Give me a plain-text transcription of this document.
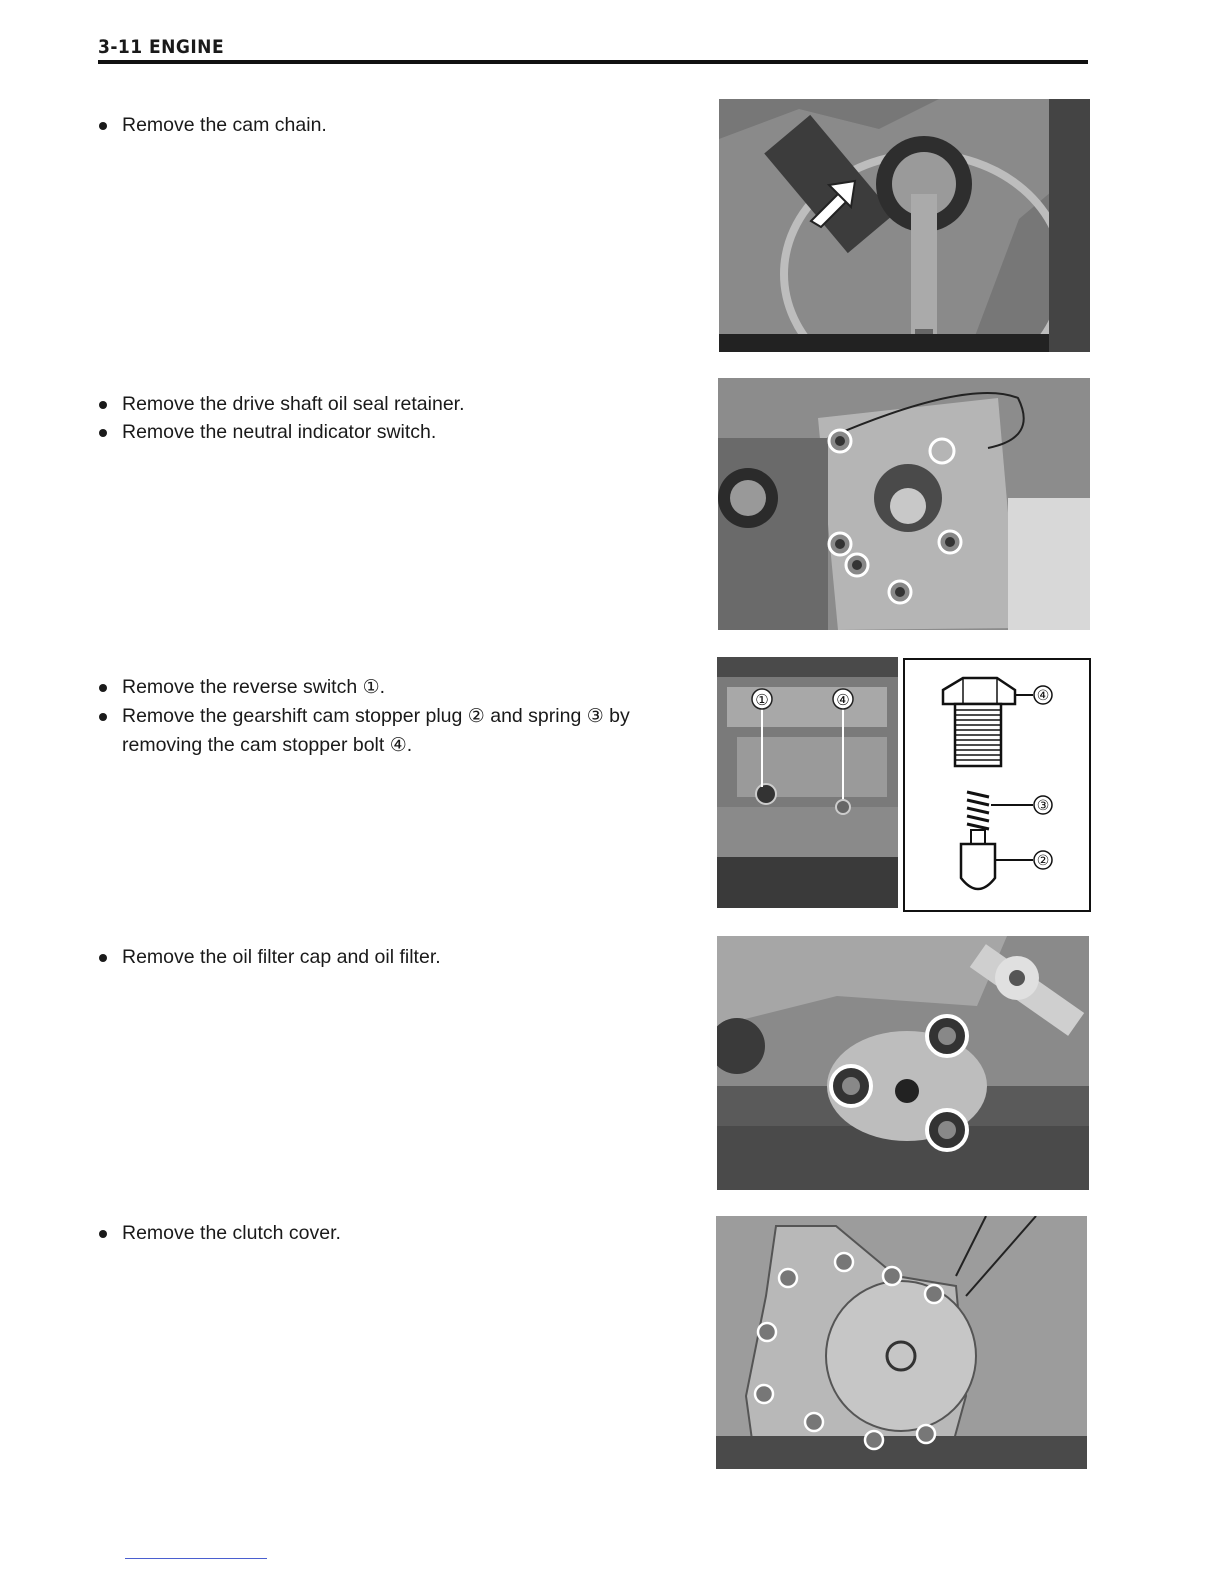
3-11 ENGINE
Remove the cam chain.
Remove the drive shaft oil seal retainer.
Remove the neutral indicator switch.
Remove the reverse switch ①.
Remove the gearshift cam stopper plug ② and spring ③ by
removing the cam stopper bolt ④.
①	④	④
③
②
Remove the oil filter cap and oil filter.
Remove the clutch cover.
